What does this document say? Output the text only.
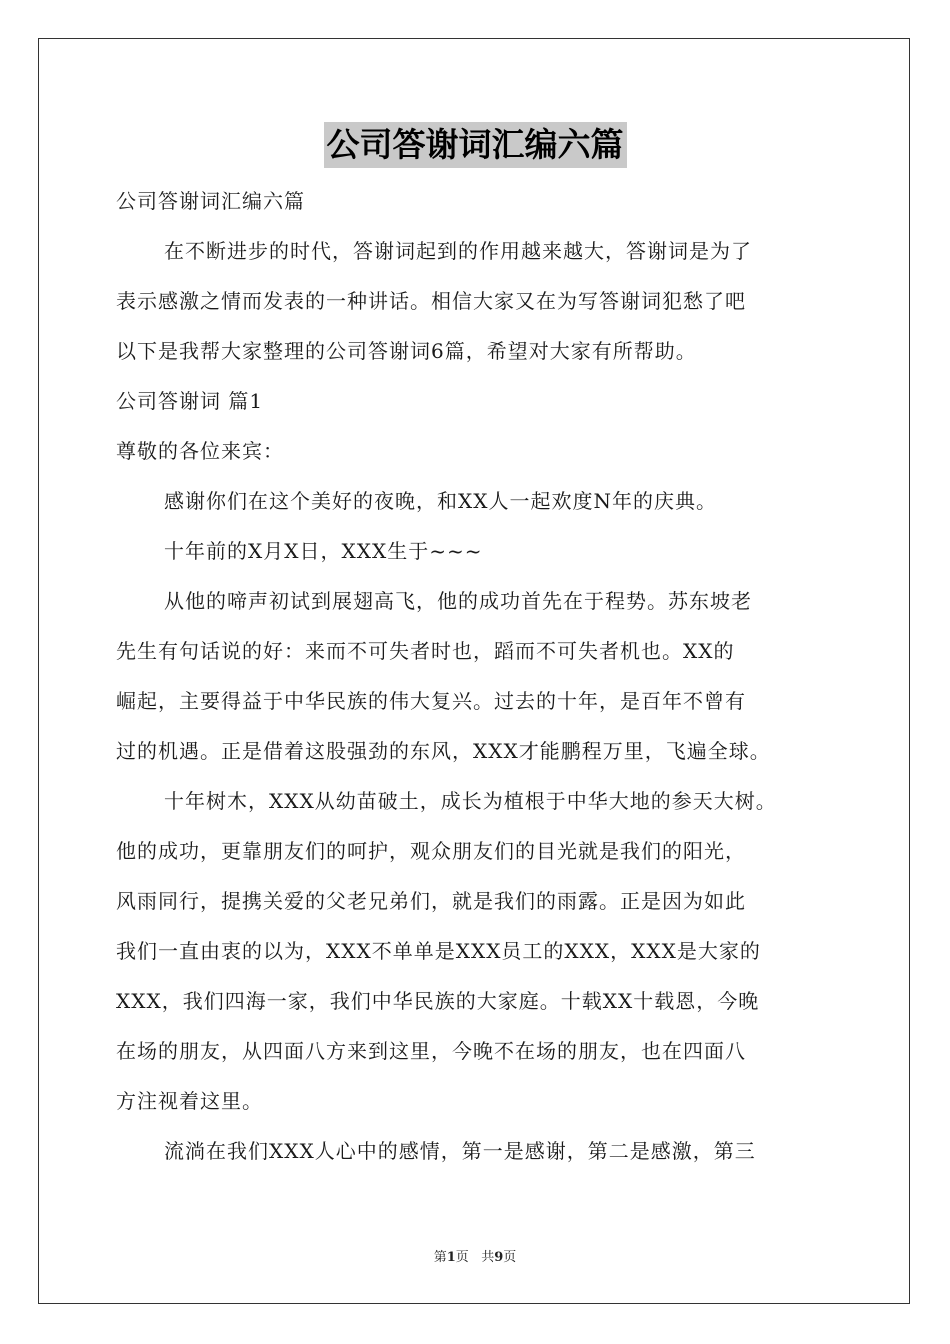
公司答谢词汇编六篇
公司答谢词汇编六篇
在不断进步的时代，答谢词起到的作用越来越大，答谢词是为了
表示感激之情而发表的一种讲话。相信大家又在为写答谢词犯愁了吧
以下是我帮大家整理的公司答谢词6篇，希望对大家有所帮助。
公司答谢词 篇1
尊敬的各位来宾：
感谢你们在这个美好的夜晚，和XX人一起欢度N年的庆典。
十年前的X月X日，XXX生于~~~
从他的啼声初试到展翅高飞，他的成功首先在于程势。苏东坡老
先生有句话说的好：来而不可失者时也，蹈而不可失者机也。XX的
崛起，主要得益于中华民族的伟大复兴。过去的十年，是百年不曾有
过的机遇。正是借着这股强劲的东风，XXX才能鹏程万里，飞遍全球。
十年树木，XXX从幼苗破土，成长为植根于中华大地的参天大树。
他的成功，更靠朋友们的呵护，观众朋友们的目光就是我们的阳光，
风雨同行，提携关爱的父老兄弟们，就是我们的雨露。正是因为如此
我们一直由衷的以为，XXX不单单是XXX员工的XXX，XXX是大家的
XXX，我们四海一家，我们中华民族的大家庭。十载XX十载恩，今晚
在场的朋友，从四面八方来到这里，今晚不在场的朋友，也在四面八
方注视着这里。
流淌在我们XXX人心中的感情，第一是感谢，第二是感激，第三
第1页 共9页
